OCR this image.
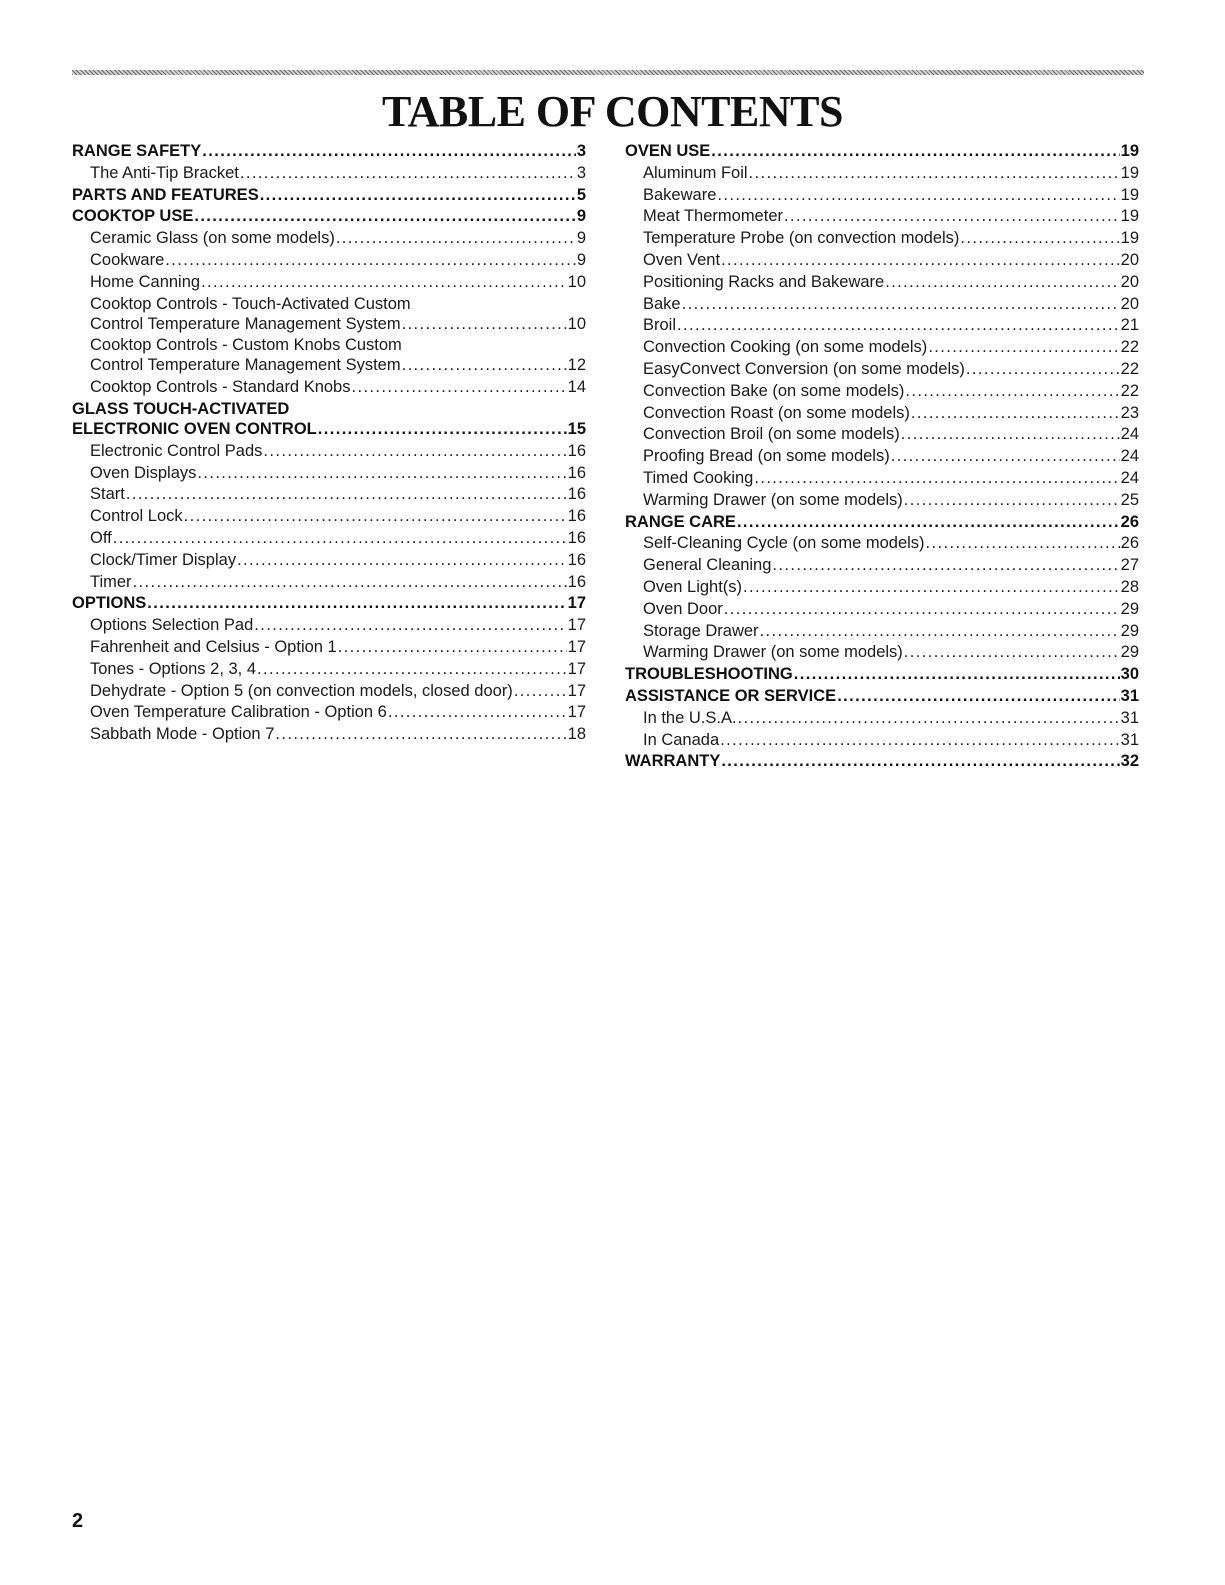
TABLE OF CONTENTS
RANGE SAFETY .....	3
The Anti-Tip Bracket .....	3
PARTS AND FEATURES .....	5
COOKTOP USE .....	9
Ceramic Glass (on some models) .....	9
Cookware .....	9
Home Canning .....	10
Cooktop Controls - Touch-Activated Custom
Control Temperature Management System .....	10
Cooktop Controls - Custom Knobs Custom
Control Temperature Management System .....	12
Cooktop Controls - Standard Knobs .....	14
GLASS TOUCH-ACTIVATED
ELECTRONIC OVEN CONTROL .....	15
Electronic Control Pads .....	16
Oven Displays .....	16
Start .....	16
Control Lock .....	16
Off .....	16
Clock/Timer Display .....	16
Timer .....	16
OPTIONS .....	17
Options Selection Pad .....	17
Fahrenheit and Celsius - Option 1 .....	17
Tones - Options 2, 3, 4 .....	17
Dehydrate - Option 5 (on convection models, closed door) .....	17
Oven Temperature Calibration - Option 6 .....	17
Sabbath Mode - Option 7 .....	18
OVEN USE .....	19
Aluminum Foil .....	19
Bakeware .....	19
Meat Thermometer .....	19
Temperature Probe (on convection models) .....	19
Oven Vent .....	20
Positioning Racks and Bakeware .....	20
Bake .....	20
Broil .....	21
Convection Cooking (on some models) .....	22
EasyConvect Conversion (on some models) .....	22
Convection Bake (on some models) .....	22
Convection Roast (on some models) .....	23
Convection Broil (on some models) .....	24
Proofing Bread (on some models) .....	24
Timed Cooking .....	24
Warming Drawer (on some models) .....	25
RANGE CARE .....	26
Self-Cleaning Cycle (on some models) .....	26
General Cleaning .....	27
Oven Light(s) .....	28
Oven Door .....	29
Storage Drawer .....	29
Warming Drawer (on some models) .....	29
TROUBLESHOOTING .....	30
ASSISTANCE OR SERVICE .....	31
In the U.S.A. .....	31
In Canada .....	31
WARRANTY .....	32
2
